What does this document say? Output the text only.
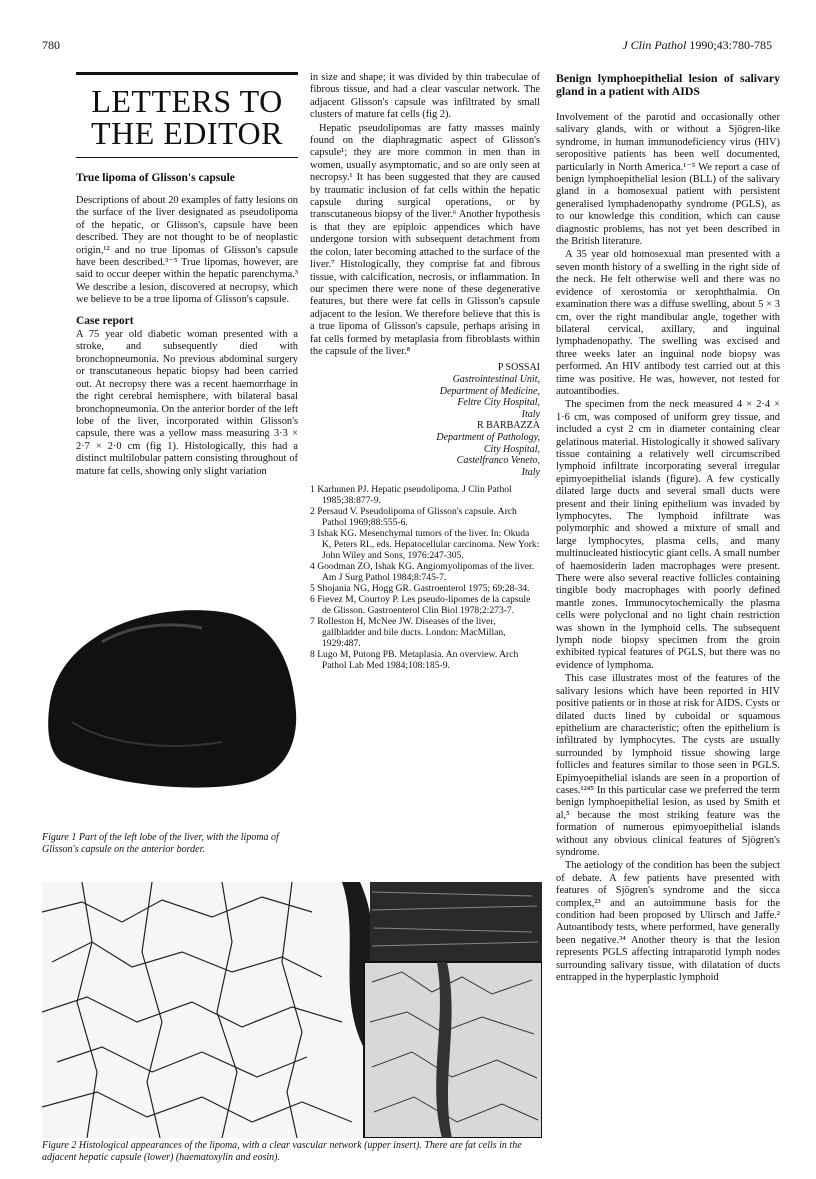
780	J Clin Pathol 1990;43:780-785
LETTERS TO
THE EDITOR
True lipoma of Glisson's capsule

Descriptions of about 20 examples of fatty lesions on the surface of the liver designated as pseudolipoma of the hepatic, or Glisson's, capsule have been described. They are not thought to be of neoplastic origin,¹² and no true lipomas of Glisson's capsule have been described.³⁻⁵ True lipomas, however, are said to occur deeper within the hepatic parenchyma.³ We describe a lesion, discovered at necropsy, which we believe to be a true lipoma of Glisson's capsule.

Case report

A 75 year old diabetic woman presented with a stroke, and subsequently died with bronchopneumonia. No previous abdominal surgery or transcutaneous hepatic biopsy had been carried out. At necropsy there was a recent haemorrhage in the right cerebral hemisphere, with bilateral basal bronchopneumonia. On the anterior border of the left lobe of the liver, incorporated within Glisson's capsule, there was a yellow mass measuring 3·3 × 2·7 × 2·0 cm (fig 1). Histologically, this had a distinct multilobular pattern consisting throughout of mature fat cells, showing only slight variation

Figure 1 Part of the left lobe of the liver, with the lipoma of Glisson's capsule on the anterior border.

in size and shape; it was divided by thin trabeculae of fibrous tissue, and had a clear vascular network. The adjacent Glisson's capsule was infiltrated by small clusters of mature fat cells (fig 2).

Hepatic pseudolipomas are fatty masses mainly found on the diaphragmatic aspect of Glisson's capsule¹; they are more common in men than in women, usually asymptomatic, and so are only seen at necropsy.¹ It has been suggested that they are caused by traumatic inclusion of fat cells within the hepatic capsule during surgical operations, or by transcutaneous biopsy of the liver.⁶ Another hypothesis is that they are epiploic appendices which have undergone torsion with subsequent detachment from the colon, later becoming attached to the surface of the liver.⁷ Histologically, they comprise fat and fibrous tissue, with calcification, necrosis, or inflammation. In our specimen there were none of these degenerative features, but there were fat cells in Glisson's capsule adjacent to the lesion. We therefore believe that this is a true lipoma of Glisson's capsule, perhaps arising in fat cells formed by metaplasia from fibroblasts within the capsule of the liver.⁸

P SOSSAI
Gastrointestinal Unit,
Department of Medicine,
Feltre City Hospital,
Italy
R BARBAZZA
Department of Pathology,
City Hospital,
Castelfranco Veneto,
Italy
1 Karhunen PJ. Hepatic pseudolipoma. J Clin Pathol 1985;38:877-9.
2 Persaud V. Pseudolipoma of Glisson's capsule. Arch Pathol 1969;88:555-6.
3 Ishak KG. Mesenchymal tumors of the liver. In: Okuda K, Peters RL, eds. Hepatocellular carcinoma. New York: John Wiley and Sons, 1976:247-305.
4 Goodman ZO, Ishak KG. Angiomyolipomas of the liver. Am J Surg Pathol 1984;8:745-7.
5 Shojania NG, Hogg GR. Gastroenterol 1975; 69:28-34.
6 Fievez M, Courtoy P. Les pseudo-lipomes de la capsule de Glisson. Gastroenterol Clin Biol 1978;2:273-7.
7 Rolleston H, McNee JW. Diseases of the liver, gallbladder and bile ducts. London: MacMillan, 1929:487.
8 Lugo M, Putong PB. Metaplasia. An overview. Arch Pathol Lab Med 1984;108:185-9.
Figure 2 Histological appearances of the lipoma, with a clear vascular network (upper insert). There are fat cells in the adjacent hepatic capsule (lower) (haematoxylin and eosin).
Benign lymphoepithelial lesion of salivary gland in a patient with AIDS

Involvement of the parotid and occasionally other salivary glands, with or without a Sjögren-like syndrome, in human immunodeficiency virus (HIV) seropositive patients has been well documented, particularly in North America.¹⁻⁵ We report a case of benign lymphoepithelial lesion (BLL) of the salivary gland in a homosexual patient with persistent generalised lymphadenopathy syndrome (PGLS), as to our knowledge this condition, which can cause diagnostic problems, has not yet been described in the British literature.

A 35 year old homosexual man presented with a seven month history of a swelling in the right side of the neck. He felt otherwise well and there was no evidence of xerostomia or xerophthalmia. On examination there was a diffuse swelling, about 5 × 3 cm, over the right mandibular angle, together with bilateral cervical, axillary, and inguinal lymphadenopathy. The swelling was excised and three weeks later an inguinal node biopsy was performed. An HIV antibody test carried out at this time was positive. He was, however, not tested for autoantibodies.

The specimen from the neck measured 4 × 2·4 × 1·6 cm, was composed of uniform grey tissue, and included a cyst 2 cm in diameter containing clear gelatinous material. Histologically it showed salivary tissue containing a relatively well circumscribed lymphoid infiltrate incorporating several irregular epimyoepithelial islands (figure). A few cystically dilated large ducts and several small ducts were present and their lining epithelium was invaded by lymphocytes. The lymphoid infiltrate was polymorphic and showed a mixture of small and large lymphocytes, plasma cells, and many multinucleated histiocytic giant cells. A small number of haemosiderin laden macrophages were present. There were also several reactive follicles containing tingible body macrophages with poorly defined mantle zones. Immunocytochemically the plasma cells were polyclonal and no light chain restriction was shown in the lymphoid cells. The subsequent lymph node biopsy specimen from the groin exhibited typical features of PGLS, but there was no evidence of lymphoma.

This case illustrates most of the features of the salivary lesions which have been reported in HIV positive patients or in those at risk for AIDS. Cysts or dilated ducts lined by cuboidal or squamous epithelium are characteristic; often the epithelium is infiltrated by lymphocytes. The cysts are usually surrounded by lymphoid tissue showing large follicles and features similar to those seen in PGLS. Epimyoepithelial islands are seen in a proportion of cases.¹²⁴⁵ In this particular case we preferred the term benign lymphoepithelial lesion, as used by Smith et al,⁵ because the most striking feature was the formation of numerous epimyoepithelial islands without any obvious clinical features of Sjögren's syndrome.

The aetiology of the condition has been the subject of debate. A few patients have presented with features of Sjögren's syndrome and the sicca complex,²³ and an autoimmune basis for the condition had been proposed by Ulirsch and Jaffe.² Autoantibody tests, where performed, have generally been negative.³⁴ Another theory is that the lesion represents PGLS affecting intraparotid lymph nodes surrounding salivary tissue, with dilatation of ducts entrapped in the hyperplastic lymphoid
